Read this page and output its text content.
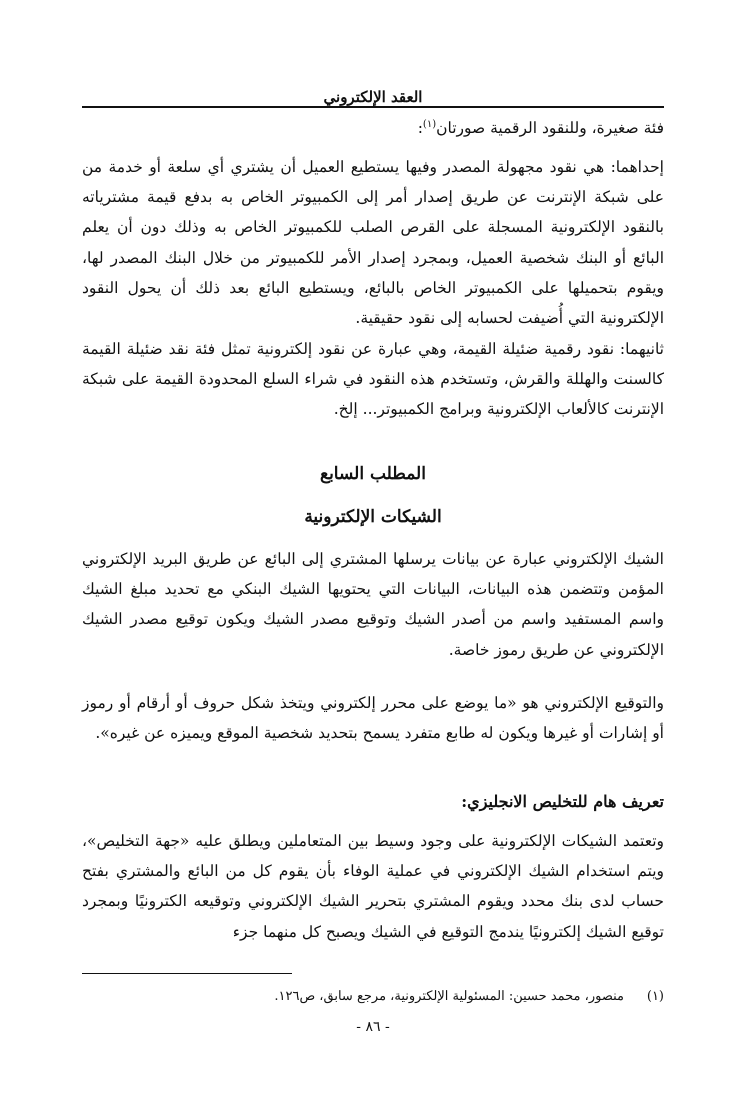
العقد الإلكتروني
فئة صغيرة، وللنقود الرقمية صورتان$^{(١)}$:
إحداهما: هي نقود مجهولة المصدر وفيها يستطيع العميل أن يشتري أي سلعة أو خدمة من على شبكة الإنترنت عن طريق إصدار أمر إلى الكمبيوتر الخاص به بدفع قيمة مشترياته بالنقود الإلكترونية المسجلة على القرص الصلب للكمبيوتر الخاص به وذلك دون أن يعلم البائع أو البنك شخصية العميل، وبمجرد إصدار الأمر للكمبيوتر من خلال البنك المصدر لها، ويقوم بتحميلها على الكمبيوتر الخاص بالبائع، ويستطيع البائع بعد ذلك أن يحول النقود الإلكترونية التي أُضيفت لحسابه إلى نقود حقيقية.
ثانيهما: نقود رقمية ضئيلة القيمة، وهي عبارة عن نقود إلكترونية تمثل فئة نقد ضئيلة القيمة كالسنت والهللة والقرش، وتستخدم هذه النقود في شراء السلع المحدودة القيمة على شبكة الإنترنت كالألعاب الإلكترونية وبرامج الكمبيوتر... إلخ.
المطلب السابع
الشيكات الإلكترونية
الشيك الإلكتروني عبارة عن بيانات يرسلها المشتري إلى البائع عن طريق البريد الإلكتروني المؤمن وتتضمن هذه البيانات، البيانات التي يحتويها الشيك البنكي مع تحديد مبلغ الشيك واسم المستفيد واسم من أصدر الشيك وتوقيع مصدر الشيك ويكون توقيع مصدر الشيك الإلكتروني عن طريق رموز خاصة.
والتوقيع الإلكتروني هو «ما يوضع على محرر إلكتروني ويتخذ شكل حروف أو أرقام أو رموز أو إشارات أو غيرها ويكون له طابع متفرد يسمح بتحديد شخصية الموقع ويميزه عن غيره».
تعريف هام للتخليص الانجليزي:
وتعتمد الشيكات الإلكترونية على وجود وسيط بين المتعاملين ويطلق عليه «جهة التخليص»، ويتم استخدام الشيك الإلكتروني في عملية الوفاء بأن يقوم كل من البائع والمشتري بفتح حساب لدى بنك محدد ويقوم المشتري بتحرير الشيك الإلكتروني وتوقيعه الكترونيًا وبمجرد توقيع الشيك إلكترونيًا يندمج التوقيع في الشيك ويصبح كل منهما جزء
(١)منصور، محمد حسين: المسئولية الإلكترونية، مرجع سابق، ص١٢٦.
- ٨٦ -
